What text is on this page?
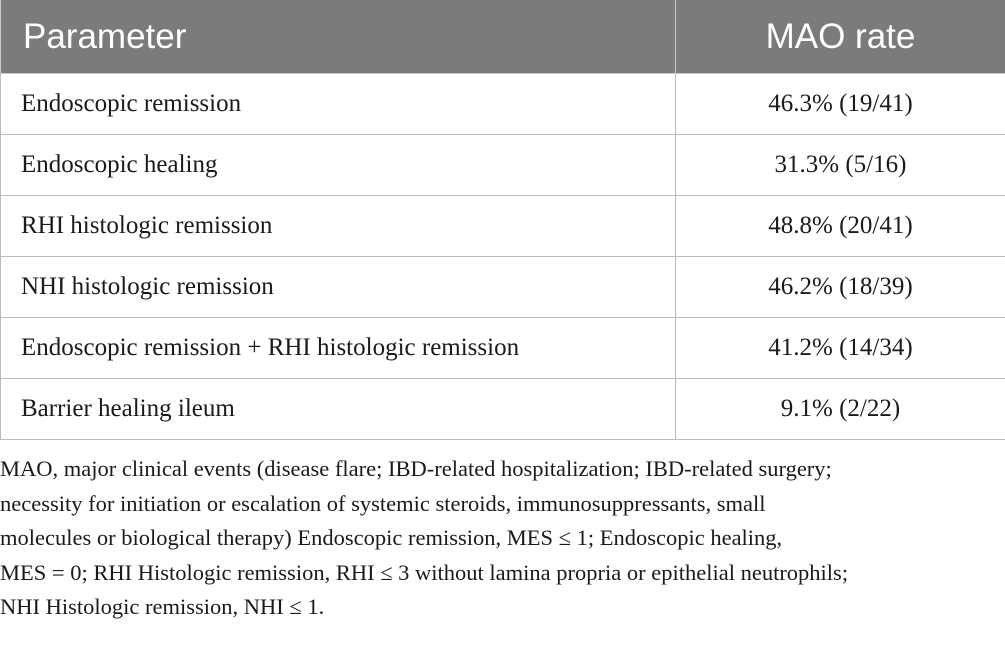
Parameter	MAO rate
Endoscopic remission	46.3% (19/41)
Endoscopic healing	31.3% (5/16)
RHI histologic remission	48.8% (20/41)
NHI histologic remission	46.2% (18/39)
Endoscopic remission + RHI histologic remission	41.2% (14/34)
Barrier healing ileum	9.1% (2/22)

MAO, major clinical events (disease flare; IBD-related hospitalization; IBD-related surgery;
necessity for initiation or escalation of systemic steroids, immunosuppressants, small
molecules or biological therapy) Endoscopic remission, MES ≤ 1; Endoscopic healing,
MES = 0; RHI Histologic remission, RHI ≤ 3 without lamina propria or epithelial neutrophils;
NHI Histologic remission, NHI ≤ 1.
